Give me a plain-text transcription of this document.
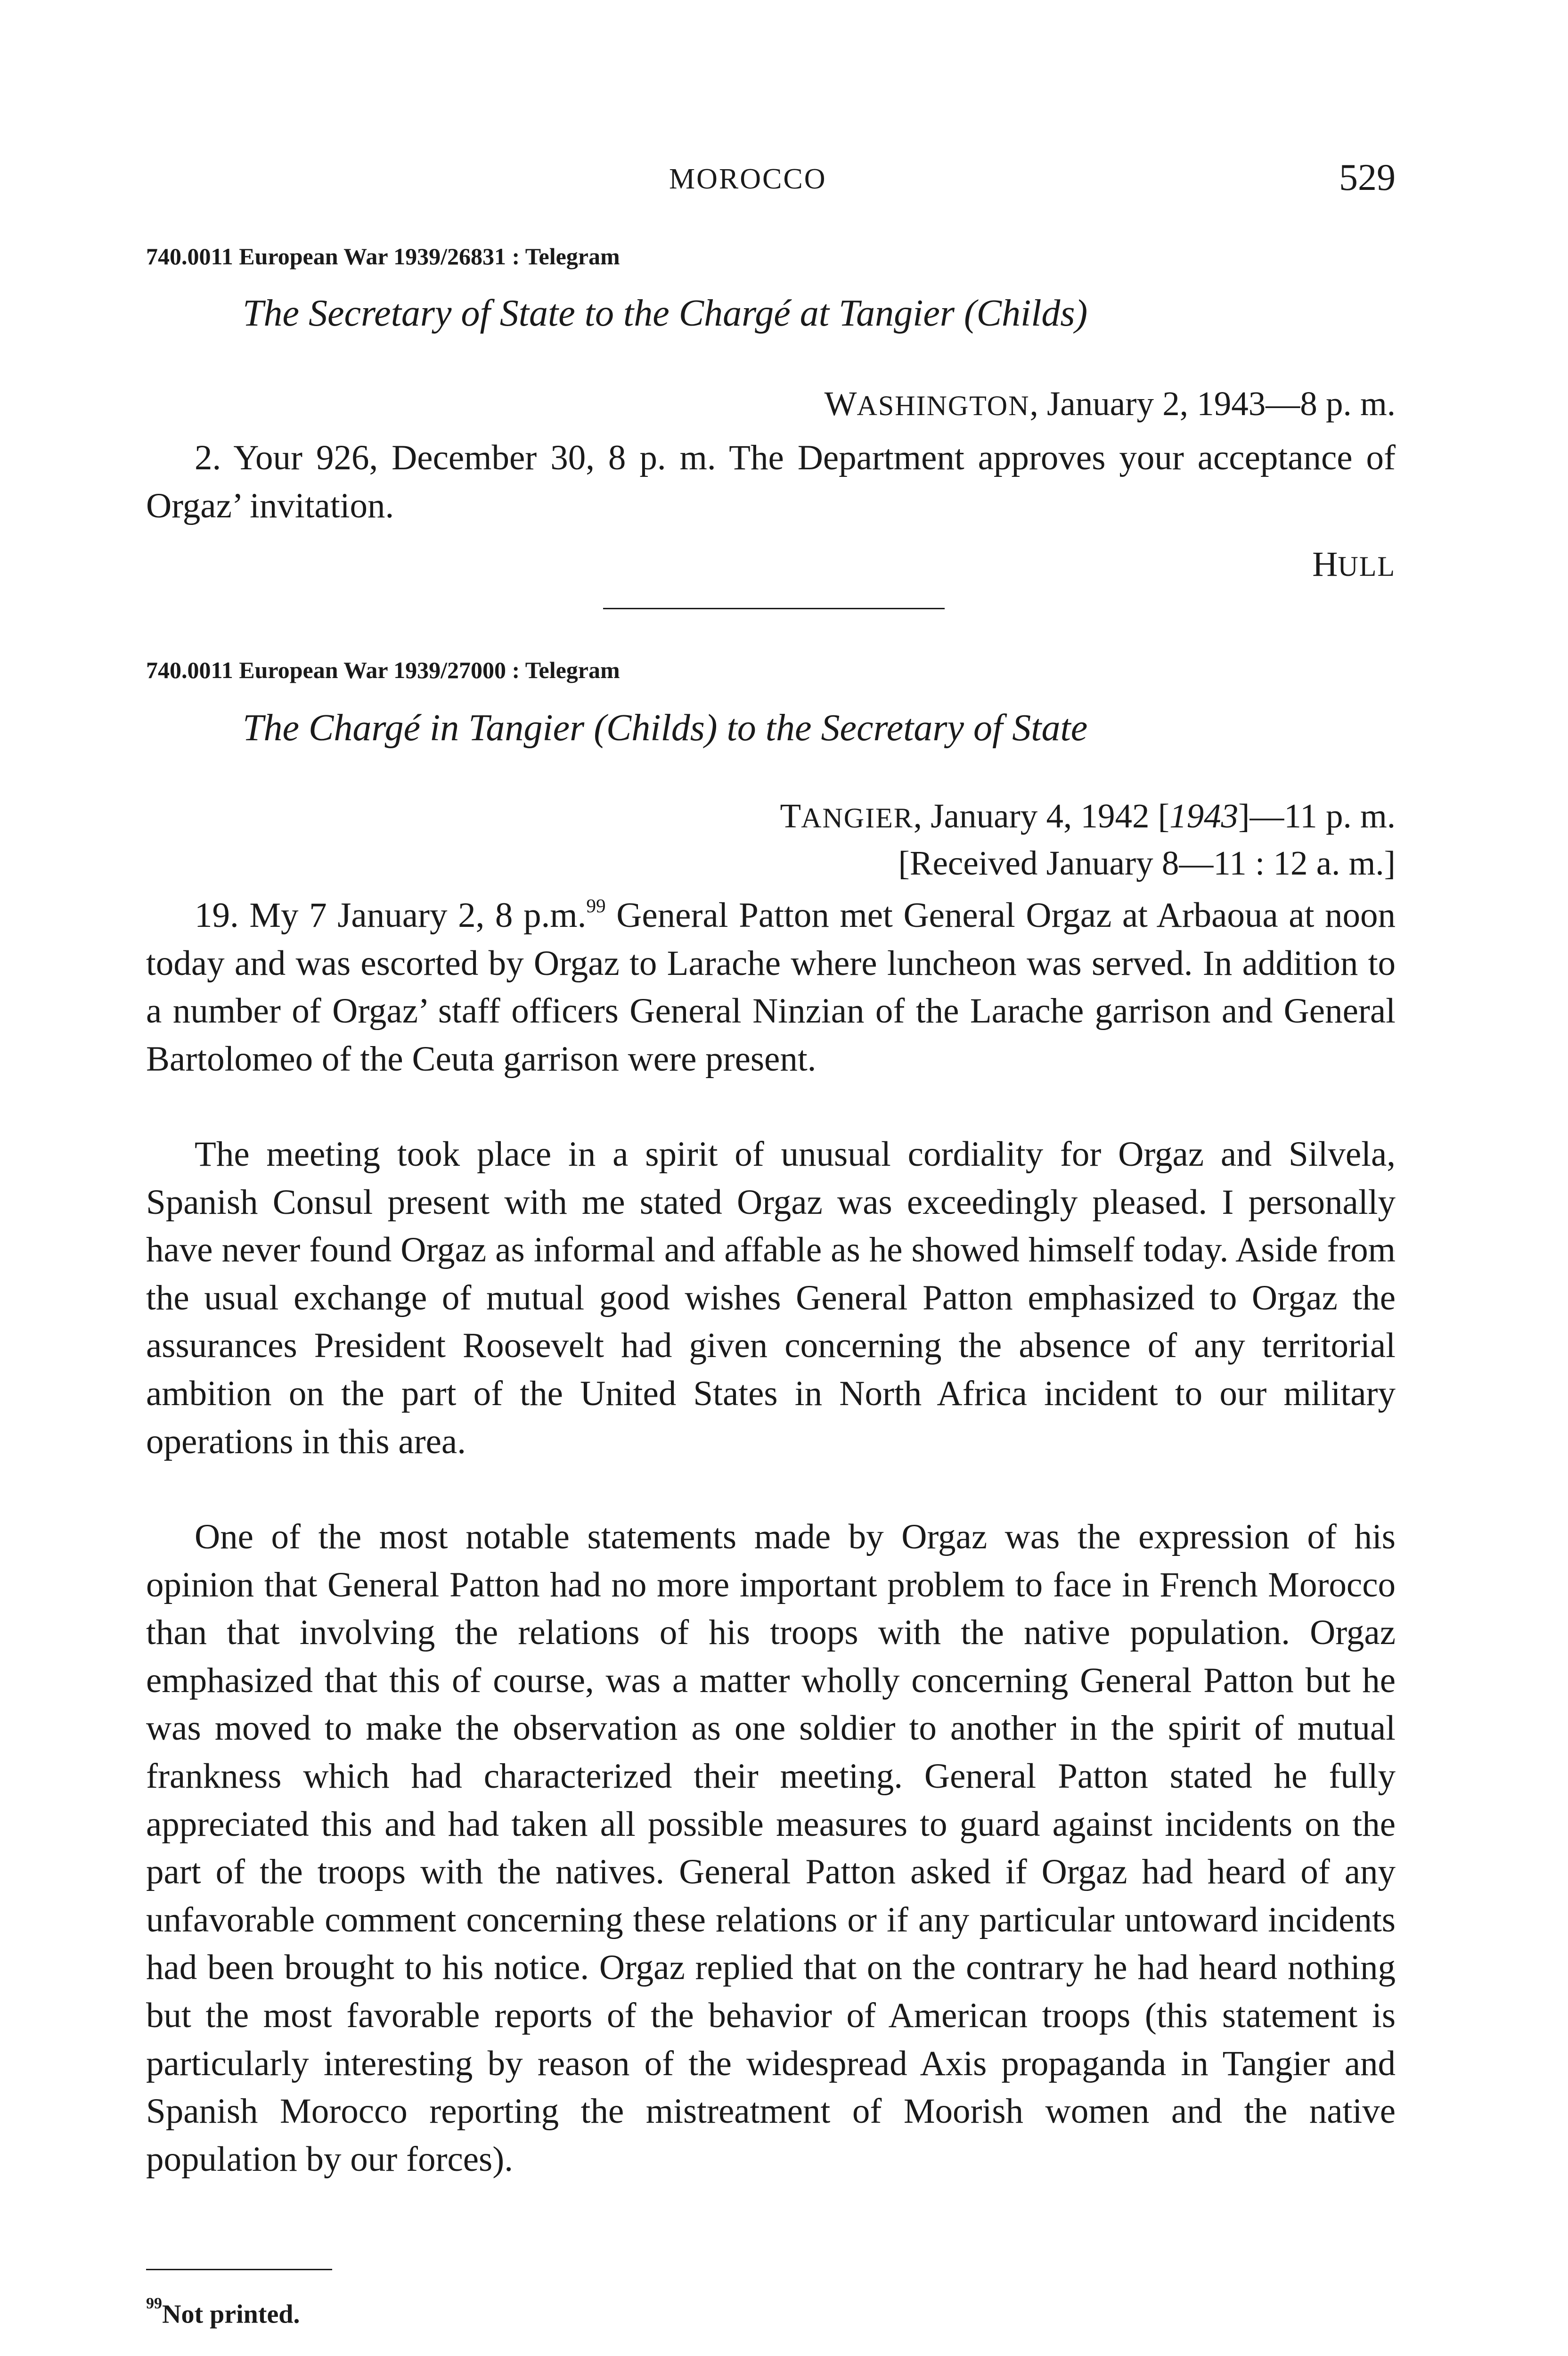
MOROCCO	529
740.0011 European War 1939/26831 : Telegram
The Secretary of State to the Chargé at Tangier (Childs)
WASHINGTON, January 2, 1943—8 p. m.
2. Your 926, December 30, 8 p. m. The Department approves your acceptance of Orgaz’ invitation.
HULL
740.0011 European War 1939/27000 : Telegram
The Chargé in Tangier (Childs) to the Secretary of State
TANGIER, January 4, 1942 [1943]—11 p. m.
[Received January 8—11 : 12 a. m.]
19. My 7 January 2, 8 p.m.$^{99}$ General Patton met General Orgaz at Arbaoua at noon today and was escorted by Orgaz to Larache where luncheon was served. In addition to a number of Orgaz’ staff officers General Ninzian of the Larache garrison and General Bartolomeo of the Ceuta garrison were present.
The meeting took place in a spirit of unusual cordiality for Orgaz and Silvela, Spanish Consul present with me stated Orgaz was exceedingly pleased. I personally have never found Orgaz as informal and affable as he showed himself today. Aside from the usual exchange of mutual good wishes General Patton emphasized to Orgaz the assurances President Roosevelt had given concerning the absence of any territorial ambition on the part of the United States in North Africa incident to our military operations in this area.
One of the most notable statements made by Orgaz was the expression of his opinion that General Patton had no more important problem to face in French Morocco than that involving the relations of his troops with the native population. Orgaz emphasized that this of course, was a matter wholly concerning General Patton but he was moved to make the observation as one soldier to another in the spirit of mutual frankness which had characterized their meeting. General Patton stated he fully appreciated this and had taken all possible measures to guard against incidents on the part of the troops with the natives. General Patton asked if Orgaz had heard of any unfavorable comment concerning these relations or if any particular untoward incidents had been brought to his notice. Orgaz replied that on the contrary he had heard nothing but the most favorable reports of the behavior of American troops (this statement is particularly interesting by reason of the widespread Axis propaganda in Tangier and Spanish Morocco reporting the mistreatment of Moorish women and the native population by our forces).
$^{99}$Not printed.
